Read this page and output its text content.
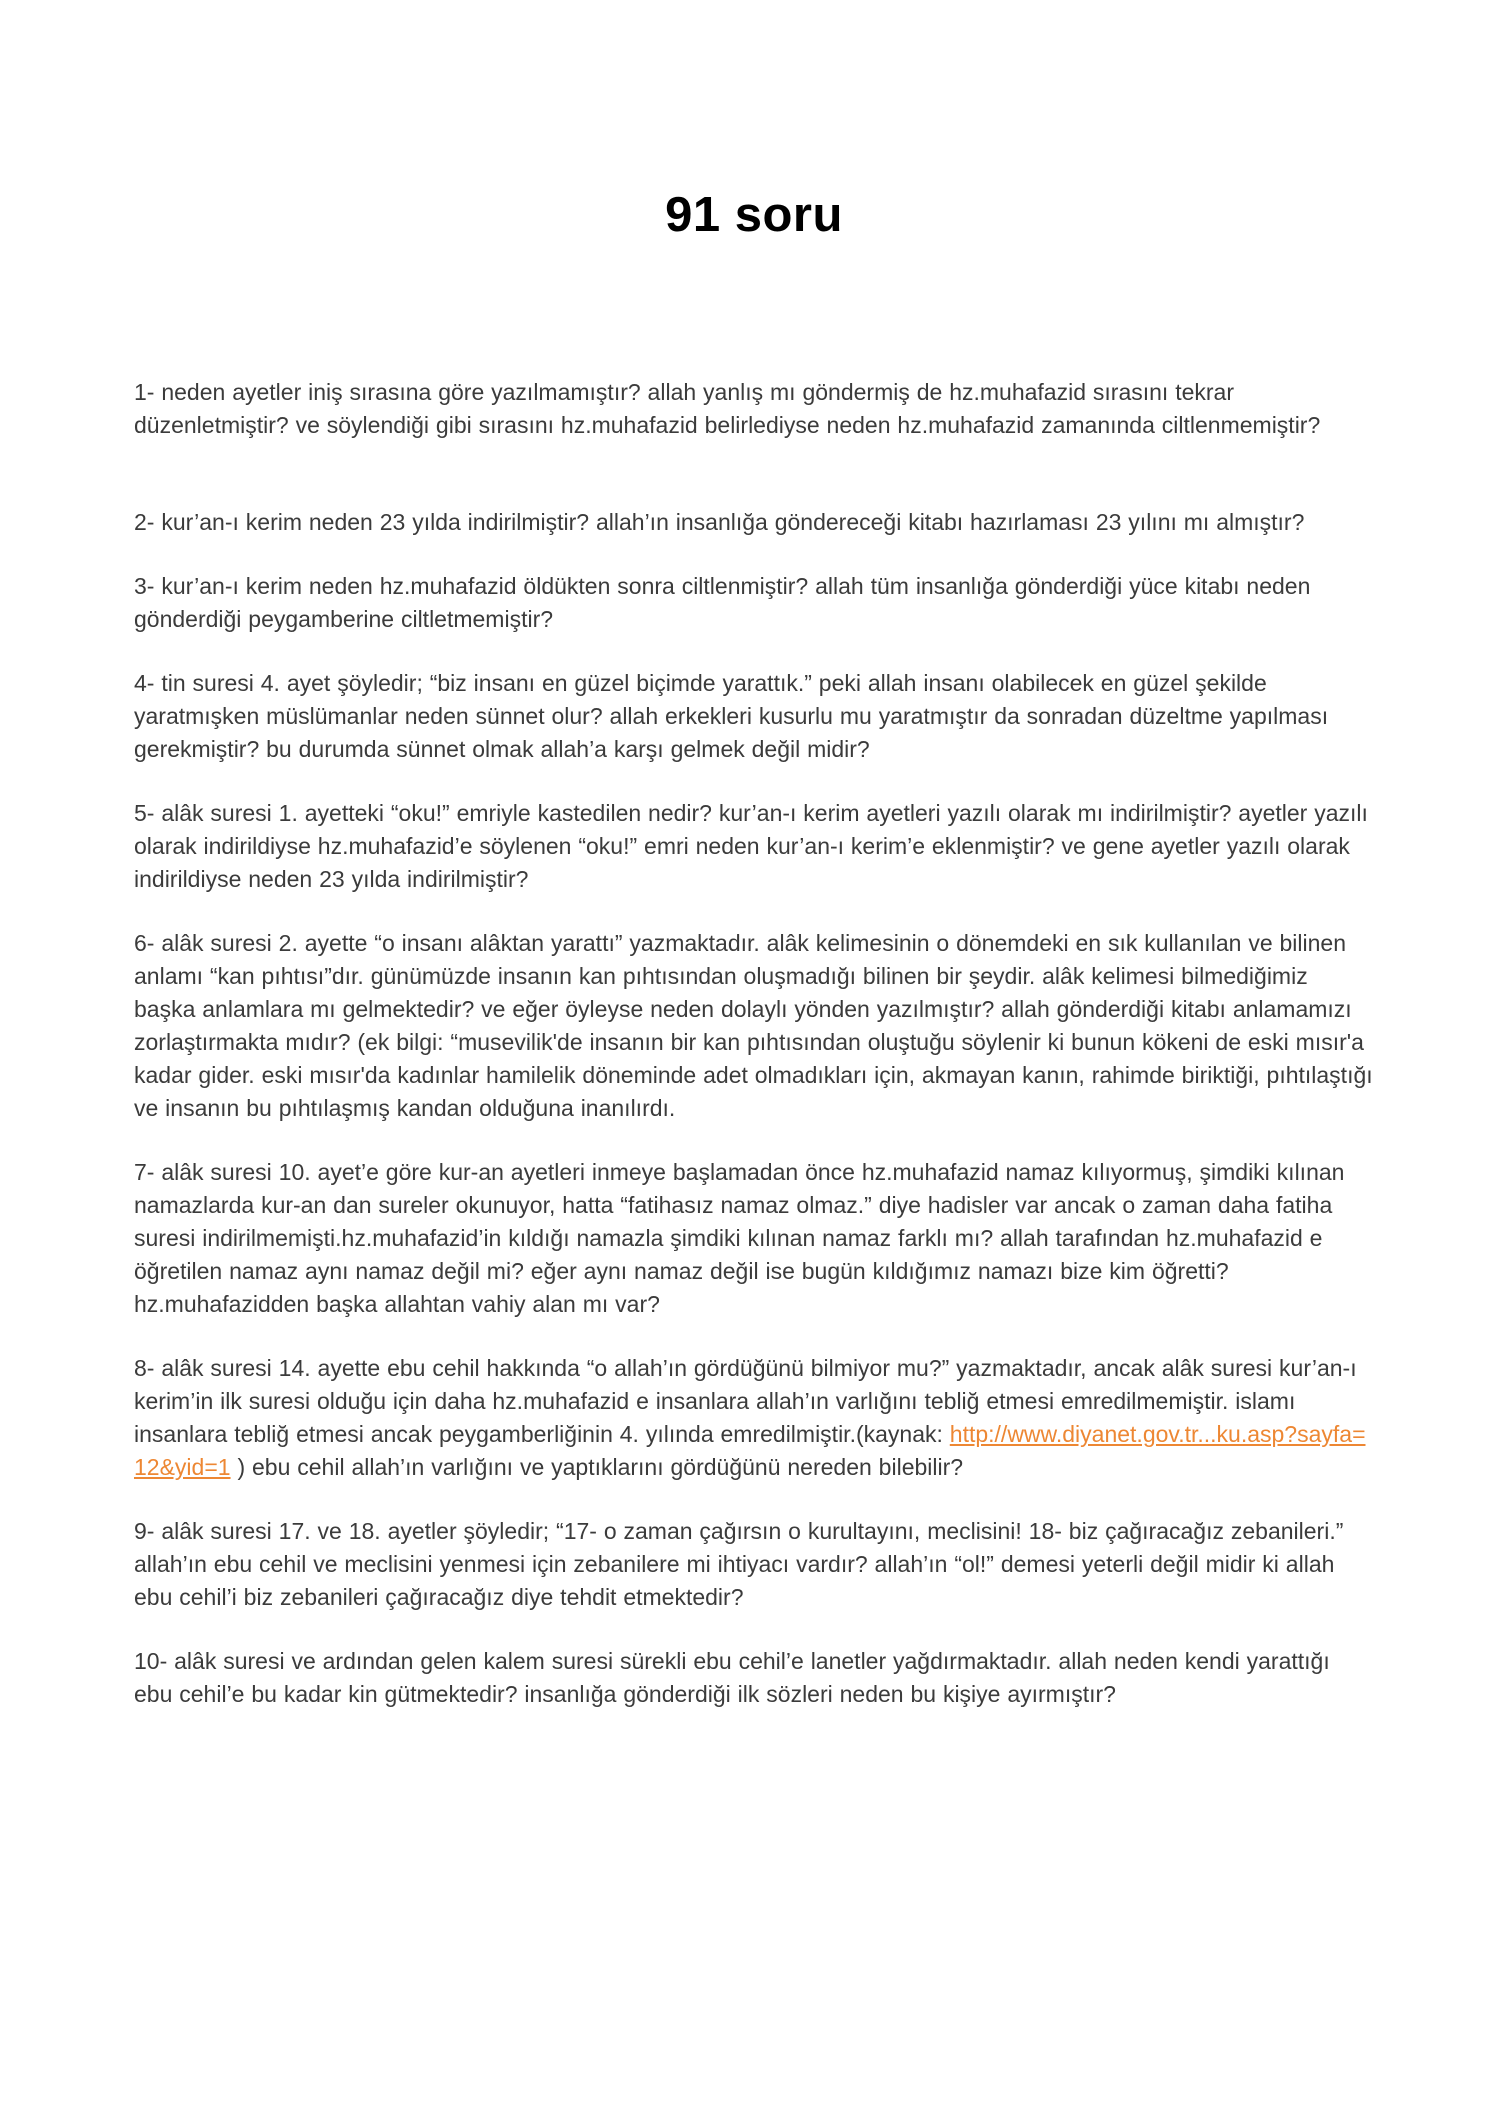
91 soru

1- neden ayetler iniş sırasına göre yazılmamıştır? allah yanlış mı göndermiş de hz.muhafazid sırasını tekrar düzenletmiştir? ve söylendiği gibi sırasını hz.muhafazid belirlediyse neden hz.muhafazid zamanında ciltlenmemiştir?

2- kur’an-ı kerim neden 23 yılda indirilmiştir? allah’ın insanlığa göndereceği kitabı hazırlaması 23 yılını mı almıştır?

3- kur’an-ı kerim neden hz.muhafazid öldükten sonra ciltlenmiştir? allah tüm insanlığa gönderdiği yüce kitabı neden gönderdiği peygamberine ciltletmemiştir?

4- tin suresi 4. ayet şöyledir; “biz insanı en güzel biçimde yarattık.” peki allah insanı olabilecek en güzel şekilde yaratmışken müslümanlar neden sünnet olur? allah erkekleri kusurlu mu yaratmıştır da sonradan düzeltme yapılması gerekmiştir? bu durumda sünnet olmak allah’a karşı gelmek değil midir?

5- alâk suresi 1. ayetteki “oku!” emriyle kastedilen nedir? kur’an-ı kerim ayetleri yazılı olarak mı indirilmiştir? ayetler yazılı olarak indirildiyse hz.muhafazid’e söylenen “oku!” emri neden kur’an-ı kerim’e eklenmiştir? ve gene ayetler yazılı olarak indirildiyse neden 23 yılda indirilmiştir?

6- alâk suresi 2. ayette “o insanı alâktan yarattı” yazmaktadır. alâk kelimesinin o dönemdeki en sık kullanılan ve bilinen anlamı “kan pıhtısı”dır. günümüzde insanın kan pıhtısından oluşmadığı bilinen bir şeydir. alâk kelimesi bilmediğimiz başka anlamlara mı gelmektedir? ve eğer öyleyse neden dolaylı yönden yazılmıştır? allah gönderdiği kitabı anlamamızı zorlaştırmakta mıdır? (ek bilgi: “musevilik'de insanın bir kan pıhtısından oluştuğu söylenir ki bunun kökeni de eski mısır'a kadar gider. eski mısır'da kadınlar hamilelik döneminde adet olmadıkları için, akmayan kanın, rahimde biriktiği, pıhtılaştığı ve insanın bu pıhtılaşmış kandan olduğuna inanılırdı.

7- alâk suresi 10. ayet’e göre kur-an ayetleri inmeye başlamadan önce hz.muhafazid namaz kılıyormuş, şimdiki kılınan namazlarda kur-an dan sureler okunuyor, hatta “fatihasız namaz olmaz.” diye hadisler var ancak o zaman daha fatiha suresi indirilmemişti.hz.muhafazid’in kıldığı namazla şimdiki kılınan namaz farklı mı? allah tarafından hz.muhafazid e öğretilen namaz aynı namaz değil mi? eğer aynı namaz değil ise bugün kıldığımız namazı bize kim öğretti? hz.muhafazidden başka allahtan vahiy alan mı var?

8- alâk suresi 14. ayette ebu cehil hakkında “o allah’ın gördüğünü bilmiyor mu?” yazmaktadır, ancak alâk suresi kur’an-ı kerim’in ilk suresi olduğu için daha hz.muhafazid e insanlara allah’ın varlığını tebliğ etmesi emredilmemiştir. islamı insanlara tebliğ etmesi ancak peygamberliğinin 4. yılında emredilmiştir.(kaynak: http://www.diyanet.gov.tr...ku.asp?sayfa=12&yid=1 ) ebu cehil allah’ın varlığını ve yaptıklarını gördüğünü nereden bilebilir?

9- alâk suresi 17. ve 18. ayetler şöyledir; “17- o zaman çağırsın o kurultayını, meclisini! 18- biz çağıracağız zebanileri.” allah’ın ebu cehil ve meclisini yenmesi için zebanilere mi ihtiyacı vardır? allah’ın “ol!” demesi yeterli değil midir ki allah ebu cehil’i biz zebanileri çağıracağız diye tehdit etmektedir?

10- alâk suresi ve ardından gelen kalem suresi sürekli ebu cehil’e lanetler yağdırmaktadır. allah neden kendi yarattığı ebu cehil’e bu kadar kin gütmektedir? insanlığa gönderdiği ilk sözleri neden bu kişiye ayırmıştır?
